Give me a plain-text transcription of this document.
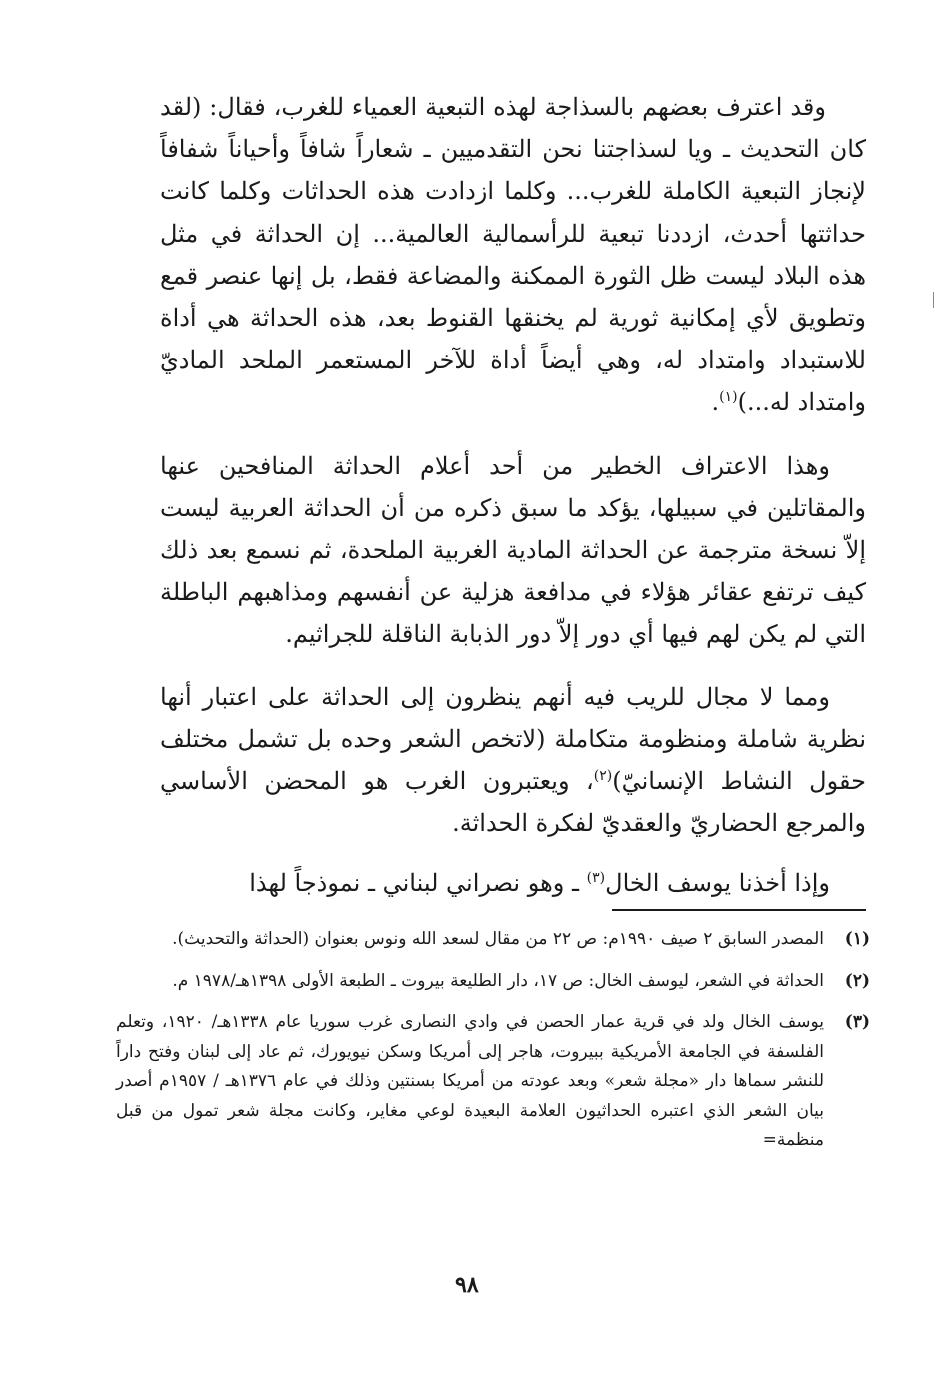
وقد اعترف بعضهم بالسذاجة لهذه التبعية العمياء للغرب، فقال: (لقد كان التحديث ـ ويا لسذاجتنا نحن التقدميين ـ شعاراً شافاً وأحياناً شفافاً لإنجاز التبعية الكاملة للغرب... وكلما ازدادت هذه الحداثات وكلما كانت حداثتها أحدث، ازددنا تبعية للرأسمالية العالمية... إن الحداثة في مثل هذه البلاد ليست ظل الثورة الممكنة والمضاعة فقط، بل إنها عنصر قمع وتطويق لأي إمكانية ثورية لم يخنقها القنوط بعد، هذه الحداثة هي أداة للاستبداد وامتداد له، وهي أيضاً أداة للآخر المستعمر الملحد الماديّ وامتداد له...)$^{(١)}$.

وهذا الاعتراف الخطير من أحد أعلام الحداثة المنافحين عنها والمقاتلين في سبيلها، يؤكد ما سبق ذكره من أن الحداثة العربية ليست إلاّ نسخة مترجمة عن الحداثة المادية الغربية الملحدة، ثم نسمع بعد ذلك كيف ترتفع عقائر هؤلاء في مدافعة هزلية عن أنفسهم ومذاهبهم الباطلة التي لم يكن لهم فيها أي دور إلاّ دور الذبابة الناقلة للجراثيم.

ومما لا مجال للريب فيه أنهم ينظرون إلى الحداثة على اعتبار أنها نظرية شاملة ومنظومة متكاملة (لاتخص الشعر وحده بل تشمل مختلف حقول النشاط الإنسانيّ)$^{(٢)}$، ويعتبرون الغرب هو المحضن الأساسي والمرجع الحضاريّ والعقديّ لفكرة الحداثة.

وإذا أخذنا يوسف الخال$^{(٣)}$ ـ وهو نصراني لبناني ـ نموذجاً لهذا

(١)
المصدر السابق ٢ صيف ١٩٩٠م: ص ٢٢ من مقال لسعد الله ونوس بعنوان (الحداثة والتحديث).

(٢)
الحداثة في الشعر، ليوسف الخال: ص ١٧، دار الطليعة بيروت ـ الطبعة الأولى ١٣٩٨هـ/١٩٧٨ م.

(٣)
يوسف الخال ولد في قرية عمار الحصن في وادي النصارى غرب سوريا عام ١٣٣٨هـ/ ١٩٢٠، وتعلم الفلسفة في الجامعة الأمريكية ببيروت، هاجر إلى أمريكا وسكن نيويورك، ثم عاد إلى لبنان وفتح داراً للنشر سماها دار «مجلة شعر» وبعد عودته من أمريكا بسنتين وذلك في عام ١٣٧٦هـ / ١٩٥٧م أصدر بيان الشعر الذي اعتبره الحداثيون العلامة البعيدة لوعي مغاير، وكانت مجلة شعر تمول من قبل منظمة=

٩٨
